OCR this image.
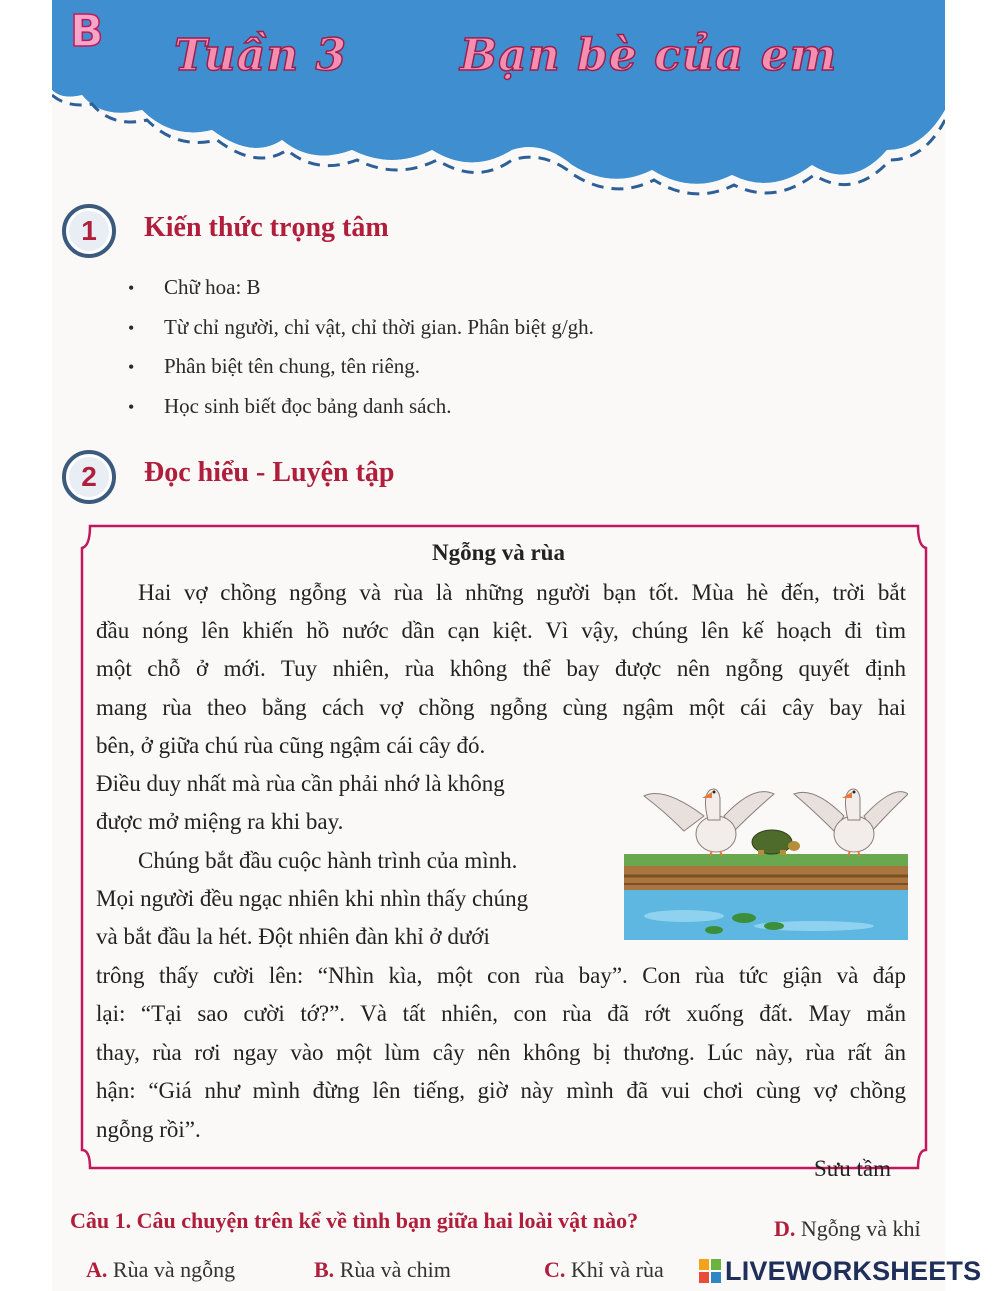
B Tuần 3	Bạn bè của em
1	Kiến thức trọng tâm
• Chữ hoa: B
• Từ chỉ người, chỉ vật, chỉ thời gian. Phân biệt g/gh.
• Phân biệt tên chung, tên riêng.
• Học sinh biết đọc bảng danh sách.
2	Đọc hiểu - Luyện tập
Ngỗng và rùa
Hai vợ chồng ngỗng và rùa là những người bạn tốt. Mùa hè đến, trời bắt
đầu nóng lên khiến hồ nước dần cạn kiệt. Vì vậy, chúng lên kế hoạch đi tìm
một chỗ ở mới. Tuy nhiên, rùa không thể bay được nên ngỗng quyết định
mang rùa theo bằng cách vợ chồng ngỗng cùng ngậm một cái cây bay hai
bên, ở giữa chú rùa cũng ngậm cái cây đó.
Điều duy nhất mà rùa cần phải nhớ là không
được mở miệng ra khi bay.
Chúng bắt đầu cuộc hành trình của mình.
Mọi người đều ngạc nhiên khi nhìn thấy chúng
và bắt đầu la hét. Đột nhiên đàn khỉ ở dưới
trông thấy cười lên: “Nhìn kìa, một con rùa bay”. Con rùa tức giận và đáp
lại: “Tại sao cười tớ?”. Và tất nhiên, con rùa đã rớt xuống đất. May mắn
thay, rùa rơi ngay vào một lùm cây nên không bị thương. Lúc này, rùa rất ân
hận: “Giá như mình đừng lên tiếng, giờ này mình đã vui chơi cùng vợ chồng
ngỗng rồi”.
Sưu tầm
Câu 1. Câu chuyện trên kể về tình bạn giữa hai loài vật nào?	D. Ngỗng và khỉ
A. Rùa và ngỗng	B. Rùa và chim	C. Khỉ và rùa LIVEWORKSHEETS
